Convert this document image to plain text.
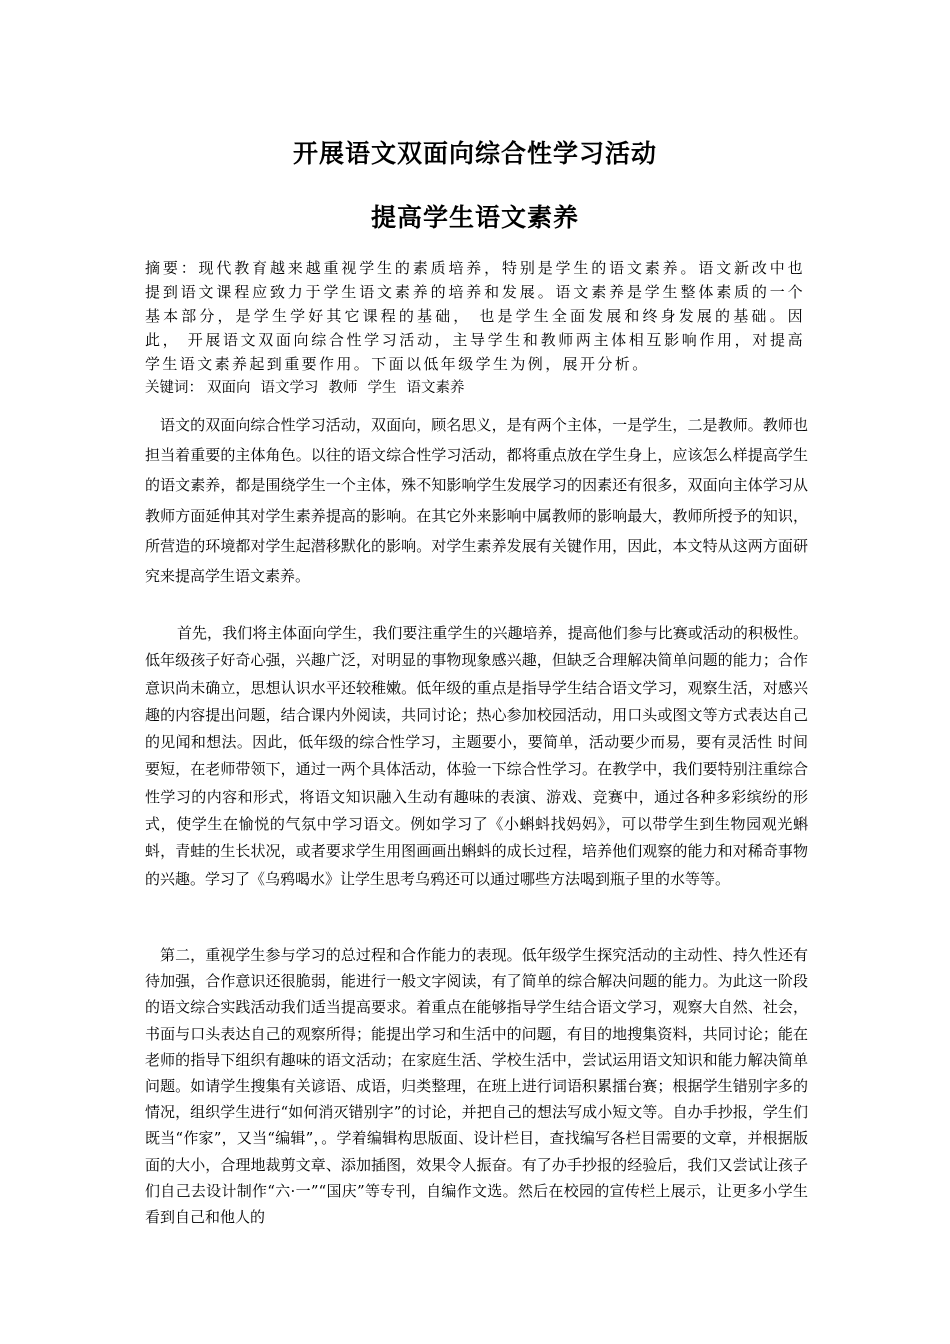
开展语文双面向综合性学习活动
提高学生语文素养

摘要：现代教育越来越重视学生的素质培养，特别是学生的语文素养。语文新改中也提到语文课程应致力于学生语文素养的培养和发展。语文素养是学生整体素质的一个基本部分，是学生学好其它课程的基础， 也是学生全面发展和终身发展的基础。因此， 开展语文双面向综合性学习活动，主导学生和教师两主体相互影响作用，对提高学生语文素养起到重要作用。下面以低年级学生为例，展开分析。

关键词： 双面向 语文学习 教师 学生 语文素养

语文的双面向综合性学习活动，双面向，顾名思义，是有两个主体，一是学生，二是教师。教师也担当着重要的主体角色。以往的语文综合性学习活动，都将重点放在学生身上，应该怎么样提高学生的语文素养，都是围绕学生一个主体，殊不知影响学生发展学习的因素还有很多，双面向主体学习从教师方面延伸其对学生素养提高的影响。在其它外来影响中属教师的影响最大，教师所授予的知识，所营造的环境都对学生起潜移默化的影响。对学生素养发展有关键作用，因此，本文特从这两方面研究来提高学生语文素养。

首先，我们将主体面向学生，我们要注重学生的兴趣培养，提高他们参与比赛或活动的积极性。低年级孩子好奇心强，兴趣广泛，对明显的事物现象感兴趣，但缺乏合理解决简单问题的能力；合作意识尚未确立，思想认识水平还较稚嫩。低年级的重点是指导学生结合语文学习，观察生活，对感兴趣的内容提出问题，结合课内外阅读，共同讨论；热心参加校园活动，用口头或图文等方式表达自己的见闻和想法。因此，低年级的综合性学习，主题要小，要简单，活动要少而易，要有灵活性 时间要短，在老师带领下，通过一两个具体活动，体验一下综合性学习。在教学中，我们要特别注重综合性学习的内容和形式，将语文知识融入生动有趣味的表演、游戏、竞赛中，通过各种多彩缤纷的形式，使学生在愉悦的气氛中学习语文。例如学习了《小蝌蚪找妈妈》，可以带学生到生物园观光蝌蚪，青蛙的生长状况，或者要求学生用图画画出蝌蚪的成长过程，培养他们观察的能力和对稀奇事物的兴趣。学习了《乌鸦喝水》让学生思考乌鸦还可以通过哪些方法喝到瓶子里的水等等。

第二，重视学生参与学习的总过程和合作能力的表现。低年级学生探究活动的主动性、持久性还有待加强，合作意识还很脆弱，能进行一般文字阅读，有了简单的综合解决问题的能力。为此这一阶段的语文综合实践活动我们适当提高要求。着重点在能够指导学生结合语文学习，观察大自然、社会，书面与口头表达自己的观察所得；能提出学习和生活中的问题，有目的地搜集资料，共同讨论；能在老师的指导下组织有趣味的语文活动；在家庭生活、学校生活中，尝试运用语文知识和能力解决简单问题。如请学生搜集有关谚语、成语，归类整理，在班上进行词语积累擂台赛；根据学生错别字多的情况，组织学生进行“如何消灭错别字”的讨论，并把自己的想法写成小短文等。自办手抄报，学生们既当“作家”，又当“编辑”，。学着编辑构思版面、设计栏目，查找编写各栏目需要的文章，并根据版面的大小，合理地裁剪文章、添加插图，效果令人振奋。有了办手抄报的经验后，我们又尝试让孩子们自己去设计制作“六·一”“国庆”等专刊，自编作文选。然后在校园的宣传栏上展示，让更多小学生看到自己和他人的
